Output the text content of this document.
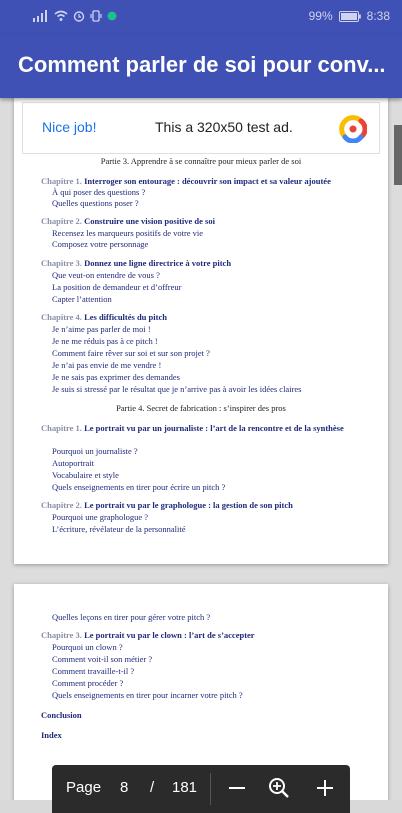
99%	8:38
Comment parler de soi pour conv...
Partie 3. Apprendre à se connaître pour mieux parler de soi
Chapitre 1. Interroger son entourage : découvrir son impact et sa valeur ajoutée
À qui poser des questions ?
Quelles questions poser ?
Chapitre 2. Construire une vision positive de soi
Recensez les marqueurs positifs de votre vie
Composez votre personnage
Chapitre 3. Donnez une ligne directrice à votre pitch
Que veut-on entendre de vous ?
La position de demandeur et d’offreur
Capter l’attention
Chapitre 4. Les difficultés du pitch
Je n’aime pas parler de moi !
Je ne me réduis pas à ce pitch !
Comment faire rêver sur soi et sur son projet ?
Je n’ai pas envie de me vendre !
Je ne sais pas exprimer des demandes
Je suis si stressé par le résultat que je n’arrive pas à avoir les idées claires
Partie 4. Secret de fabrication : s’inspirer des pros
Chapitre 1. Le portrait vu par un journaliste : l’art de la rencontre et de la synthèse
Pourquoi un journaliste ?
Autoportrait
Vocabulaire et style
Quels enseignements en tirer pour écrire un pitch ?
Chapitre 2. Le portrait vu par le graphologue : la gestion de son pitch
Pourquoi une graphologue ?
L’écriture, révélateur de la personnalité
Quelles leçons en tirer pour gérer votre pitch ?
Chapitre 3. Le portrait vu par le clown : l’art de s’accepter
Pourquoi un clown ?
Comment voit-il son métier ?
Comment travaille-t-il ?
Comment procéder ?
Quels enseignements en tirer pour incarner votre pitch ?
Conclusion
Index
Nice job!	This a 320x50 test ad.
Page 8 / 181
